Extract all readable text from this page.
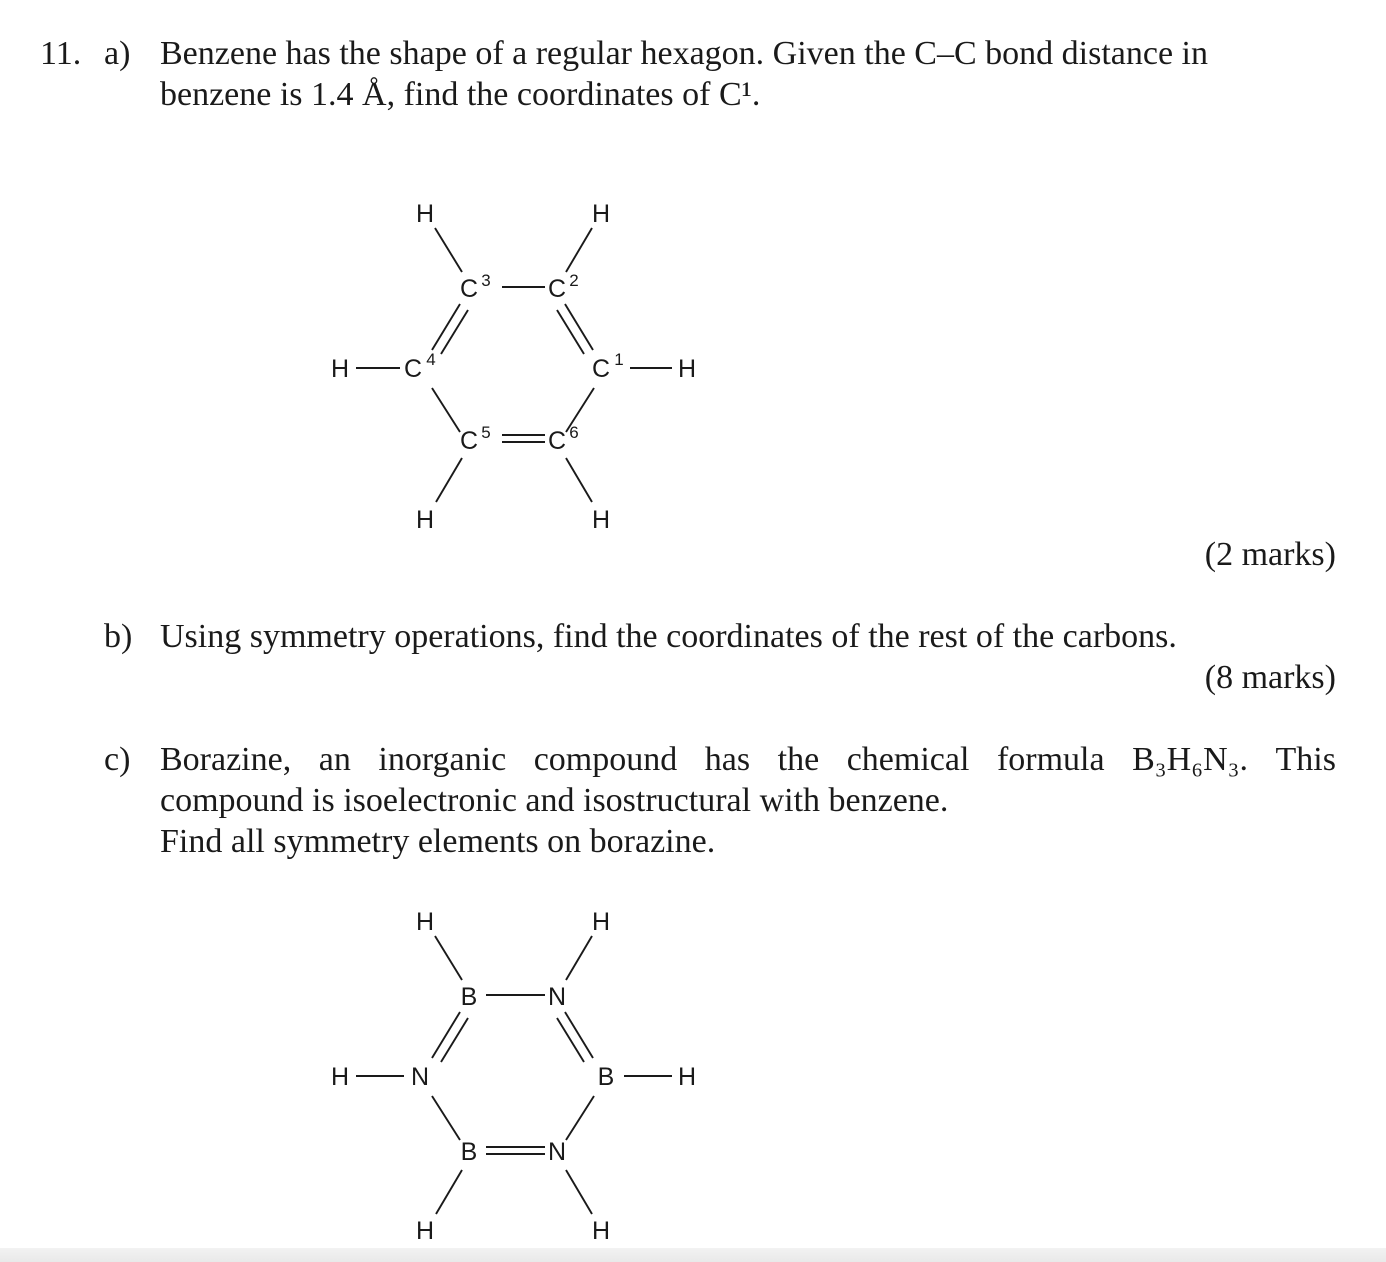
11. a) Benzene has the shape of a regular hexagon. Given the C–C bond distance in
benzene is 1.4 Å, find the coordinates of C¹.
H	H
C 3 C 2
H C 4	C 1 H
C 5 C 6
H	H
(2 marks)
b) Using symmetry operations, find the coordinates of the rest of the carbons.
(8 marks)
c) Borazine, an inorganic compound has the chemical formula B₃H₆N₃. This
compound is isoelectronic and isostructural with benzene.
Find all symmetry elements on borazine.
H	H
B	N
H N	B	H
B	N
H	H
